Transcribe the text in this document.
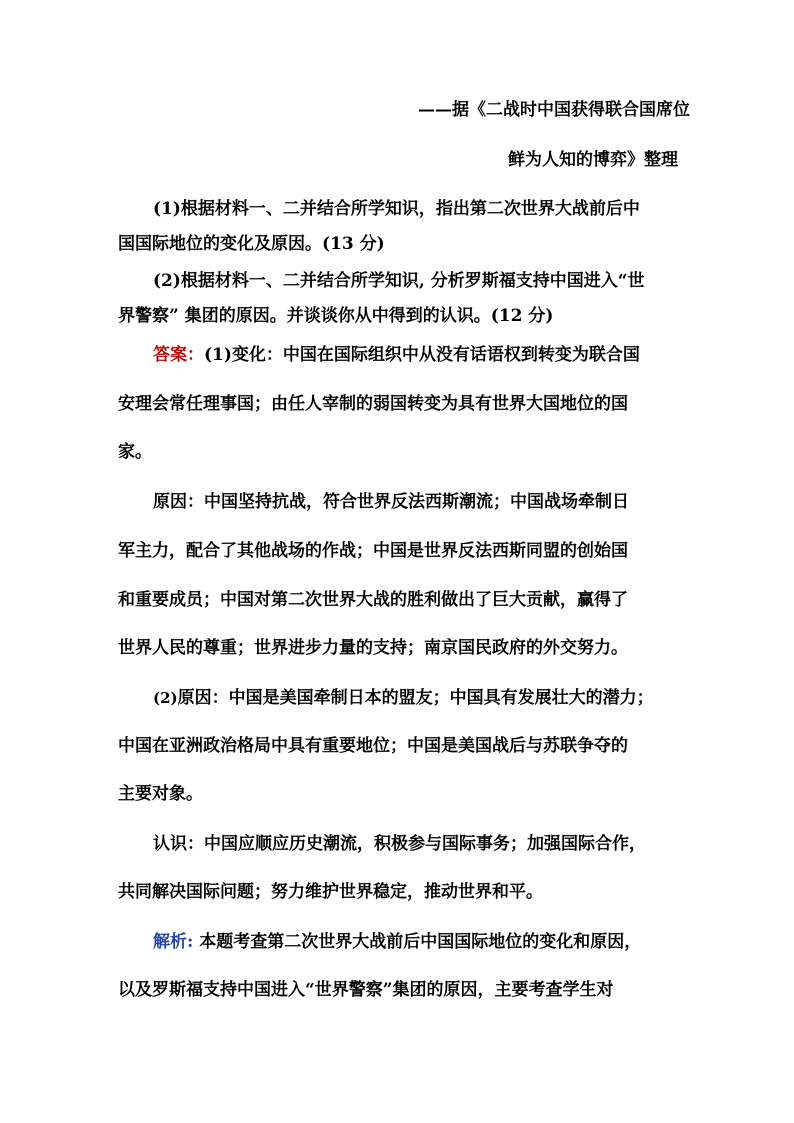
——据《二战时中国获得联合国席位
鲜为人知的博弈》整理
(1)根据材料一、二并结合所学知识，指出第二次世界大战前后中
国国际地位的变化及原因。(13 分)
(2)根据材料一、二并结合所学知识, 分析罗斯福支持中国进入“世
界警察” 集团的原因。并谈谈你从中得到的认识。(12 分)
答案：(1)变化：中国在国际组织中从没有话语权到转变为联合国
安理会常任理事国；由任人宰制的弱国转变为具有世界大国地位的国
家。
原因：中国坚持抗战，符合世界反法西斯潮流；中国战场牵制日
军主力，配合了其他战场的作战；中国是世界反法西斯同盟的创始国
和重要成员；中国对第二次世界大战的胜利做出了巨大贡献，赢得了
世界人民的尊重；世界进步力量的支持；南京国民政府的外交努力。
(2)原因：中国是美国牵制日本的盟友；中国具有发展壮大的潜力；
中国在亚洲政治格局中具有重要地位；中国是美国战后与苏联争夺的
主要对象。
认识：中国应顺应历史潮流，积极参与国际事务；加强国际合作，
共同解决国际问题；努力维护世界稳定，推动世界和平。
解析: 本题考查第二次世界大战前后中国国际地位的变化和原因，
以及罗斯福支持中国进入“世界警察”集团的原因，主要考查学生对
